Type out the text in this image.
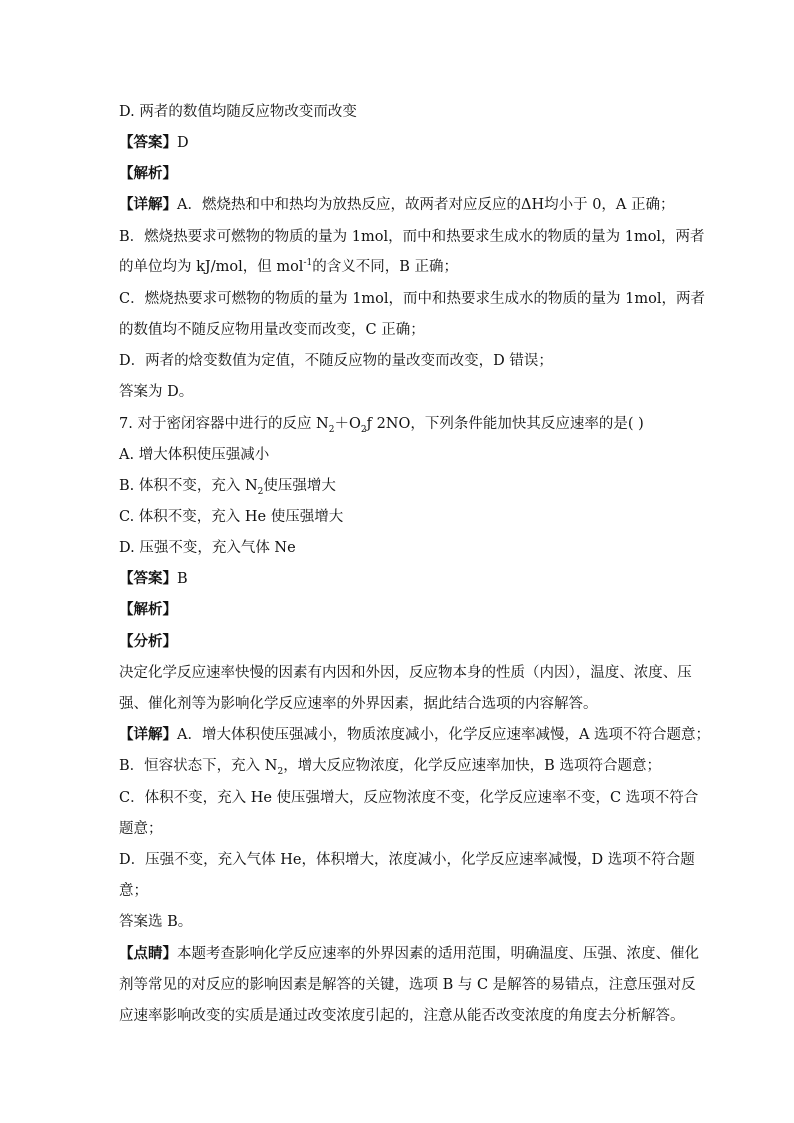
D. 两者的数值均随反应物改变而改变
【答案】D
【解析】
【详解】A．燃烧热和中和热均为放热反应，故两者对应反应的ΔH均小于 0，A 正确；
B．燃烧热要求可燃物的物质的量为 1mol，而中和热要求生成水的物质的量为 1mol，两者
的单位均为 kJ/mol，但 mol$^{-1}$的含义不同，B 正确；
C．燃烧热要求可燃物的物质的量为 1mol，而中和热要求生成水的物质的量为 1mol，两者
的数值均不随反应物用量改变而改变，C 正确；
D．两者的焓变数值为定值，不随反应物的量改变而改变，D 错误；
答案为 D。
7. 对于密闭容器中进行的反应 $N_2+O_2ƒ$ 2NO，下列条件能加快其反应速率的是( )
A. 增大体积使压强减小
B. 体积不变，充入 $N_2$使压强增大
C. 体积不变，充入 He 使压强增大
D. 压强不变，充入气体 Ne
【答案】B
【解析】
【分析】
决定化学反应速率快慢的因素有内因和外因，反应物本身的性质（内因），温度、浓度、压
强、催化剂等为影响化学反应速率的外界因素，据此结合选项的内容解答。
【详解】A．增大体积使压强减小，物质浓度减小，化学反应速率减慢，A 选项不符合题意；
B．恒容状态下，充入 $N_2$，增大反应物浓度，化学反应速率加快，B 选项符合题意；
C．体积不变，充入 He 使压强增大，反应物浓度不变，化学反应速率不变，C 选项不符合
题意；
D．压强不变，充入气体 He，体积增大，浓度减小，化学反应速率减慢，D 选项不符合题
意；
答案选 B。
【点睛】本题考查影响化学反应速率的外界因素的适用范围，明确温度、压强、浓度、催化
剂等常见的对反应的影响因素是解答的关键，选项 B 与 C 是解答的易错点，注意压强对反
应速率影响改变的实质是通过改变浓度引起的，注意从能否改变浓度的角度去分析解答。
